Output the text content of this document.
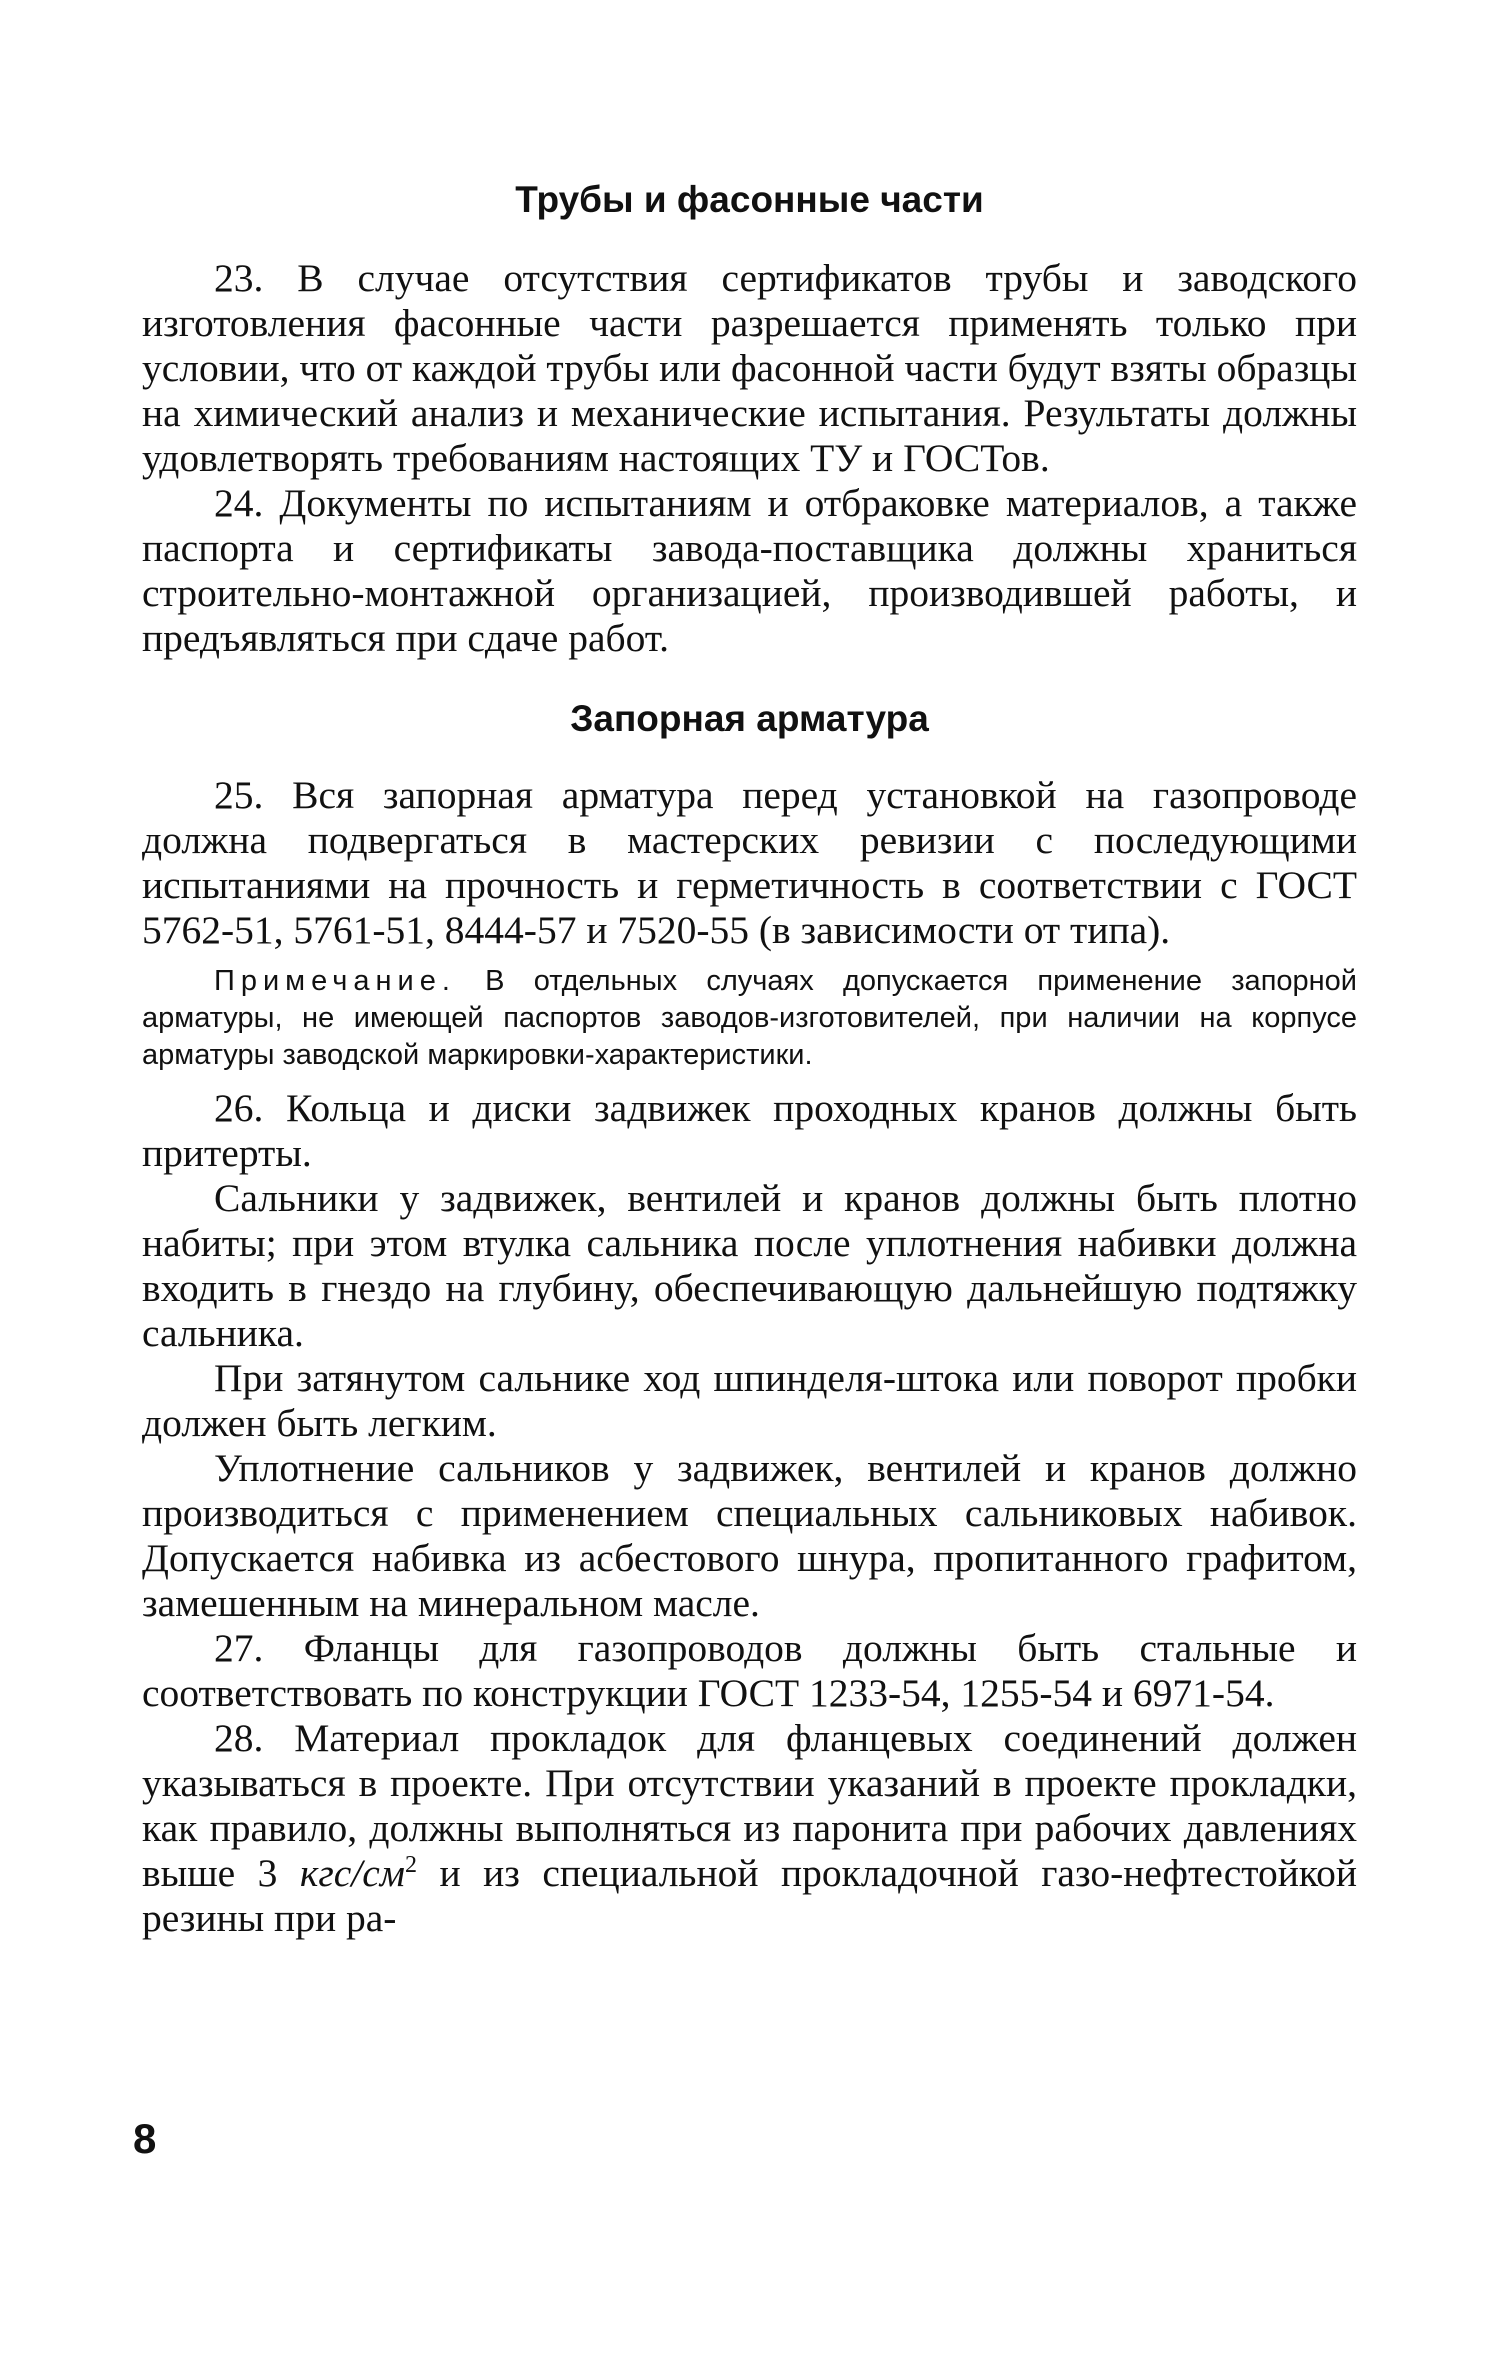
Трубы и фасонные части

23. В случае отсутствия сертификатов трубы и заводского изготовления фасонные части разрешается применять только при условии, что от каждой трубы или фасонной части будут взяты образцы на химический анализ и механические испытания. Результаты должны удовлетворять требованиям настоящих ТУ и ГОСТов.

24. Документы по испытаниям и отбраковке материалов, а также паспорта и сертификаты завода-поставщика должны храниться строительно-монтажной организацией, производившей работы, и предъявляться при сдаче работ.

Запорная арматура

25. Вся запорная арматура перед установкой на газопроводе должна подвергаться в мастерских ревизии с последующими испытаниями на прочность и герметичность в соответствии с ГОСТ 5762-51, 5761-51, 8444-57 и 7520-55 (в зависимости от типа).

Примечание. В отдельных случаях допускается применение запорной арматуры, не имеющей паспортов заводов-изготовителей, при наличии на корпусе арматуры заводской маркировки-характеристики.

26. Кольца и диски задвижек проходных кранов должны быть притерты.

Сальники у задвижек, вентилей и кранов должны быть плотно набиты; при этом втулка сальника после уплотнения набивки должна входить в гнездо на глубину, обеспечивающую дальнейшую подтяжку сальника.

При затянутом сальнике ход шпинделя-штока или поворот пробки должен быть легким.

Уплотнение сальников у задвижек, вентилей и кранов должно производиться с применением специальных сальниковых набивок. Допускается набивка из асбестового шнура, пропитанного графитом, замешенным на минеральном масле.

27. Фланцы для газопроводов должны быть стальные и соответствовать по конструкции ГОСТ 1233-54, 1255-54 и 6971-54.

28. Материал прокладок для фланцевых соединений должен указываться в проекте. При отсутствии указаний в проекте прокладки, как правило, должны выполняться из паронита при рабочих давлениях выше 3 кгс/$см^2$ и из специальной прокладочной газо-нефтестойкой резины при ра-

8
